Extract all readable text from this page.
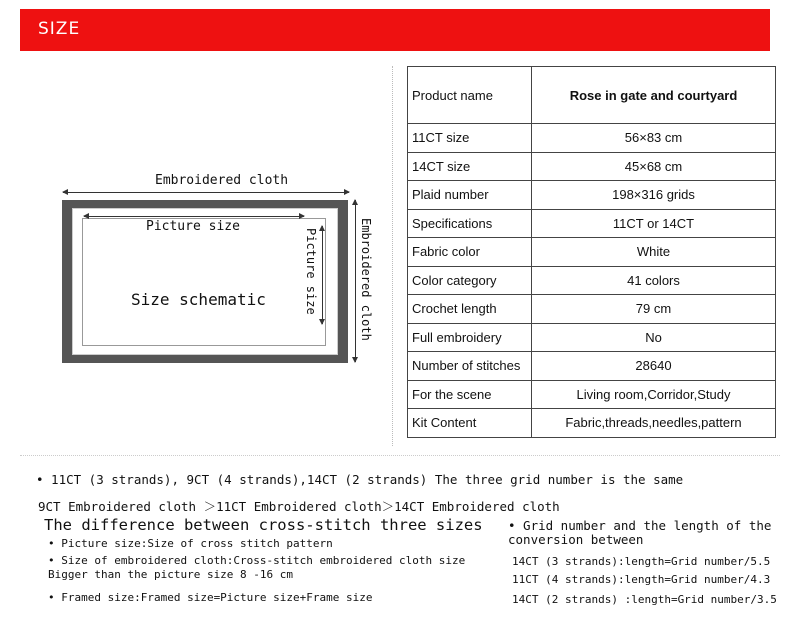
SIZE
Embroidered cloth
Picture size
Size schematic	Picture size	Embroidered cloth
Product name	Rose in gate and courtyard
11CT size	56×83 cm
14CT size	45×68 cm
Plaid number	198×316 grids
Specifications	11CT or 14CT
Fabric color	White
Color category	41 colors
Crochet length	79 cm
Full embroidery	No
Number of stitches	28640
For the scene	Living room,Corridor,Study
Kit Content	Fabric,threads,needles,pattern
• 11CT (3 strands), 9CT (4 strands),14CT (2 strands) The three grid number is the same
9CT Embroidered cloth ＞11CT Embroidered cloth＞14CT Embroidered cloth
The difference between cross-stitch three sizes
• Picture size:Size of cross stitch pattern
• Size of embroidered cloth:Cross-stitch embroidered cloth size
Bigger than the picture size 8 -16 cm
• Framed size:Framed size=Picture size+Frame size
• Grid number and the length of the
conversion between
14CT (3 strands):length=Grid number/5.5
11CT (4 strands):length=Grid number/4.3
14CT (2 strands) :length=Grid number/3.5
